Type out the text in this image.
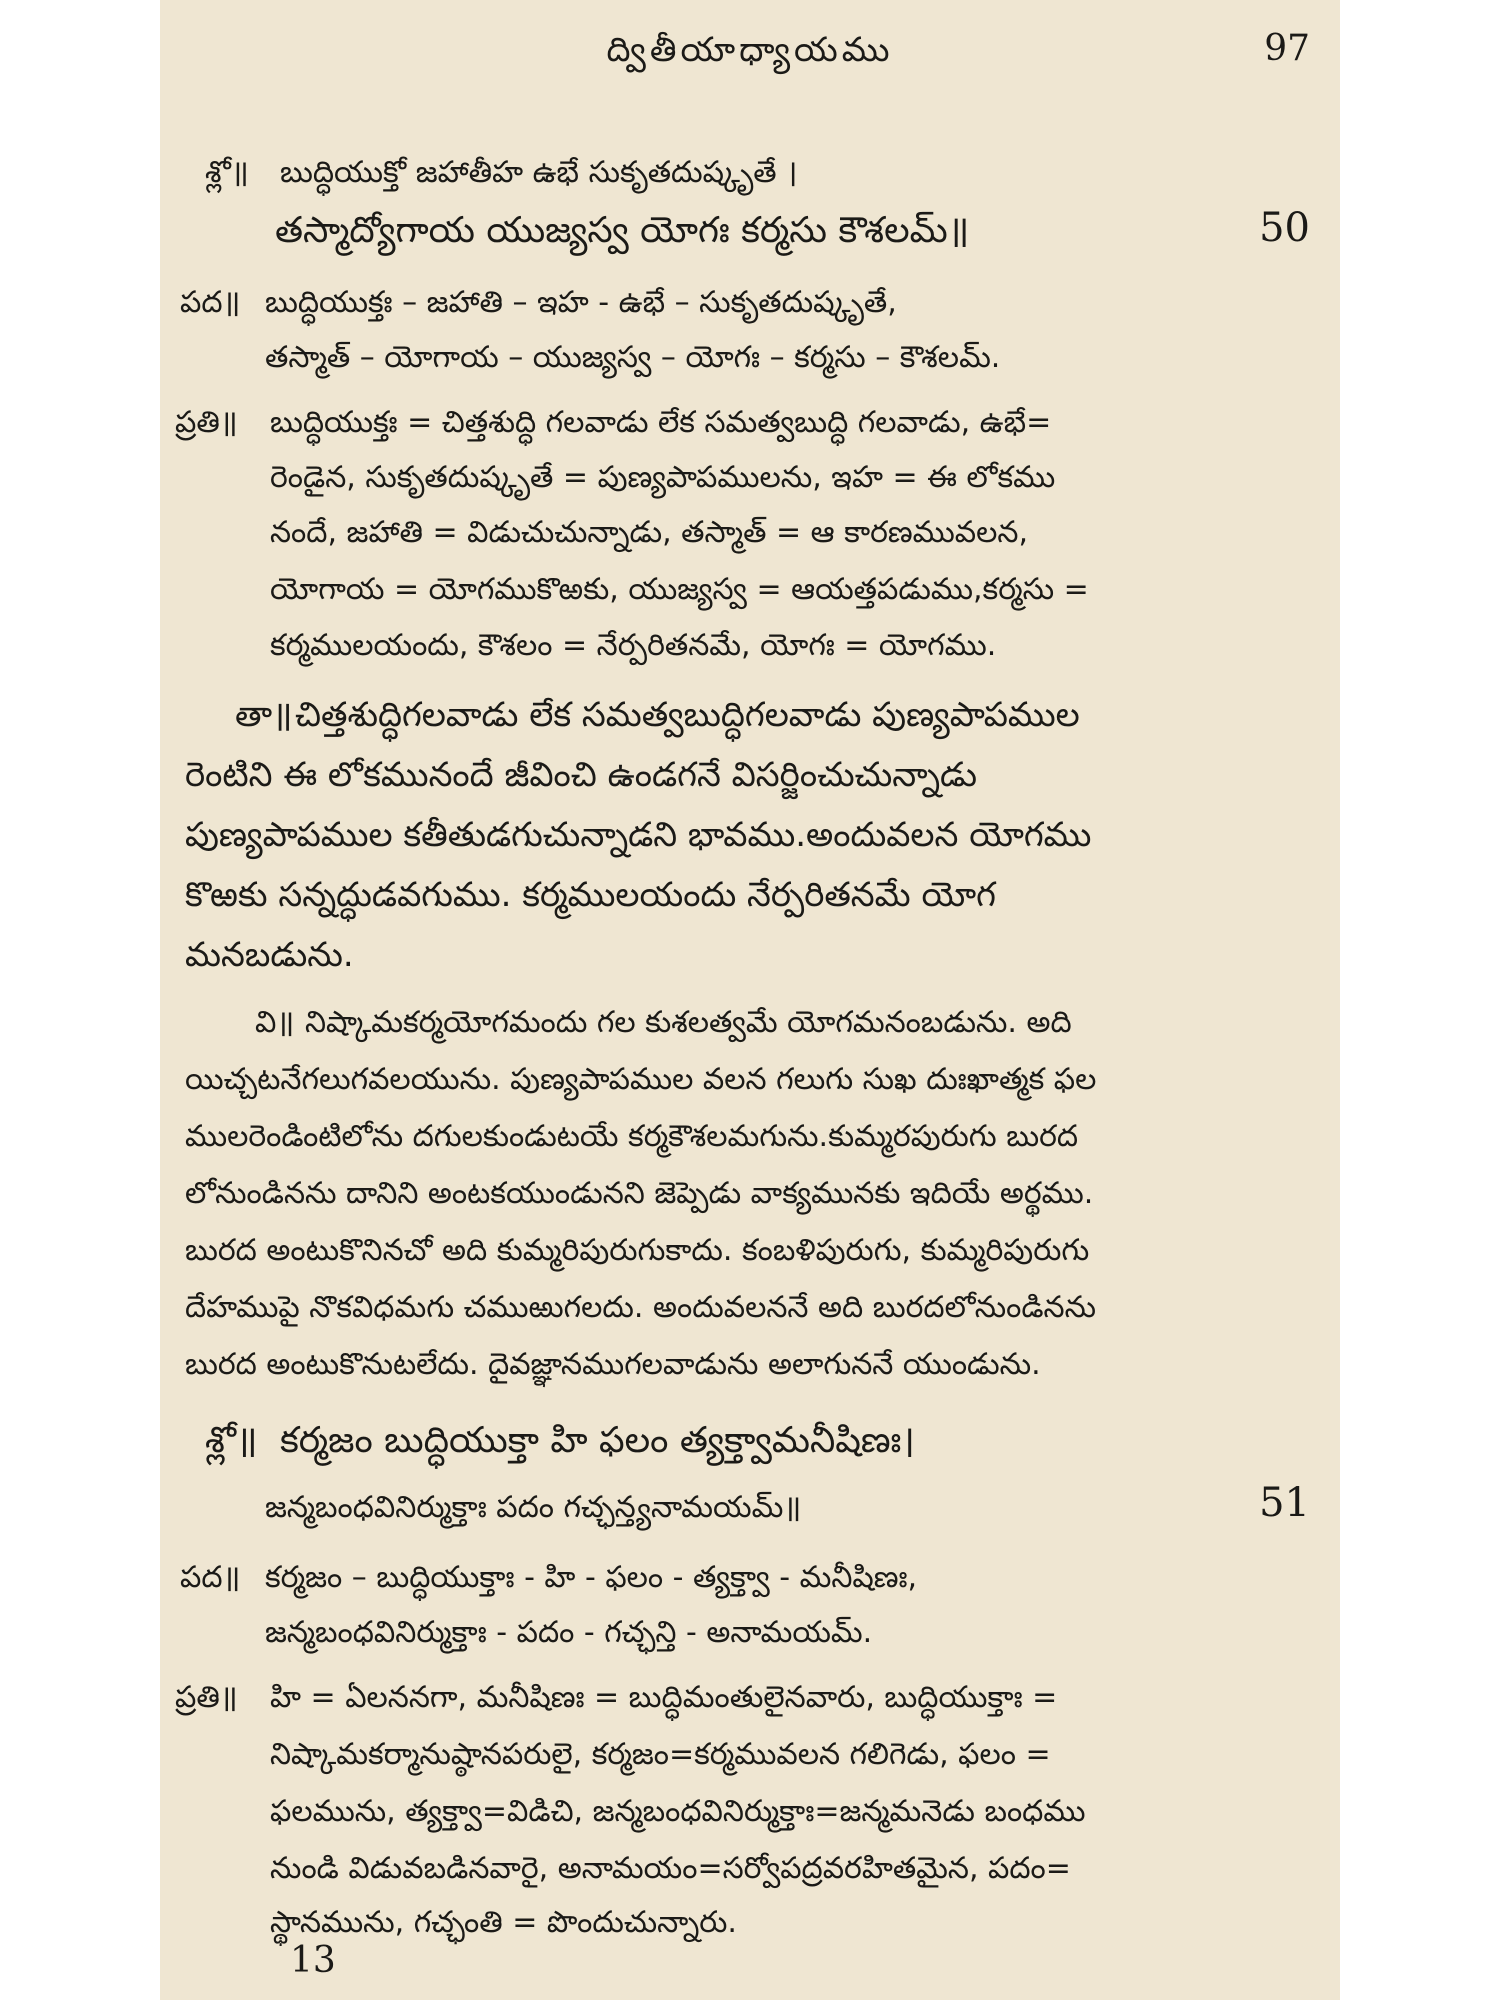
ద్వితీయాధ్యాయము	97
శ్లో॥ బుద్ధియుక్తో జహాతీహ ఉభే సుకృతదుష్కృతే ।
తస్మాద్యోగాయ యుజ్యస్వ యోగః కర్మసు కౌశలమ్॥	50
పద॥ బుద్ధియుక్తః – జహాతి – ఇహ - ఉభే – సుకృతదుష్కృతే,
తస్మాత్ – యోగాయ – యుజ్యస్వ – యోగః – కర్మసు – కౌశలమ్.
ప్రతి॥ బుద్ధియుక్తః = చిత్తశుద్ధి గలవాడు లేక సమత్వబుద్ధి గలవాడు, ఉభే=
రెండైన, సుకృతదుష్కృతే = పుణ్యపాపములను, ఇహ = ఈ లోకము
నందే, జహాతి = విడుచుచున్నాడు, తస్మాత్ = ఆ కారణమువలన,
యోగాయ = యోగముకొఱకు, యుజ్యస్వ = ఆయత్తపడుము,కర్మసు =
కర్మములయందు, కౌశలం = నేర్పరితనమే, యోగః = యోగము.
తా॥చిత్తశుద్ధిగలవాడు లేక సమత్వబుద్ధిగలవాడు పుణ్యపాపముల
రెంటిని ఈ లోకమునందే జీవించి ఉండగనే విసర్జించుచున్నాడు
పుణ్యపాపముల కతీతుడగుచున్నాడని భావము.అందువలన యోగము
కొఱకు సన్నద్ధుడవగుము. కర్మములయందు నేర్పరితనమే యోగ
మనబడును.
వి॥ నిష్కామకర్మయోగమందు గల కుశలత్వమే యోగమనంబడును. అది
యిచ్చటనేగలుగవలయును. పుణ్యపాపముల వలన గలుగు సుఖ దుఃఖాత్మక ఫల
ములరెండింటిలోను దగులకుండుటయే కర్మకౌశలమగును.కుమ్మరపురుగు బురద
లోనుండినను దానిని అంటకయుండునని జెప్పెడు వాక్యమునకు ఇదియే అర్థము.
బురద అంటుకొనినచో అది కుమ్మరిపురుగుకాదు. కంబళిపురుగు, కుమ్మరిపురుగు
దేహముపై నొకవిధమగు చముఱుగలదు. అందువలననే అది బురదలోనుండినను
బురద అంటుకొనుటలేదు. దైవజ్ఞానముగలవాడును అలాగుననే యుండును.
శ్లో॥ కర్మజం బుద్ధియుక్తా హి ఫలం త్యక్త్వామనీషిణః।
జన్మబంధవినిర్ముక్తాః పదం గచ్ఛన్త్యనామయమ్॥	51
పద॥ కర్మజం – బుద్ధియుక్తాః - హి - ఫలం - త్యక్త్వా - మనీషిణః,
జన్మబంధవినిర్ముక్తాః - పదం - గచ్ఛన్తి - అనామయమ్.
ప్రతి॥ హి = ఏలననగా, మనీషిణః = బుద్ధిమంతులైనవారు, బుద్ధియుక్తాః =
నిష్కామకర్మానుష్ఠానపరులై, కర్మజం=కర్మమువలన గలిగెడు, ఫలం =
ఫలమును, త్యక్త్వా=విడిచి, జన్మబంధవినిర్ముక్తాః=జన్మమనెడు బంధము
నుండి విడువబడినవారై, అనామయం=సర్వోపద్రవరహితమైన, పదం=
స్థానమును, గచ్ఛంతి = పొందుచున్నారు.
13
